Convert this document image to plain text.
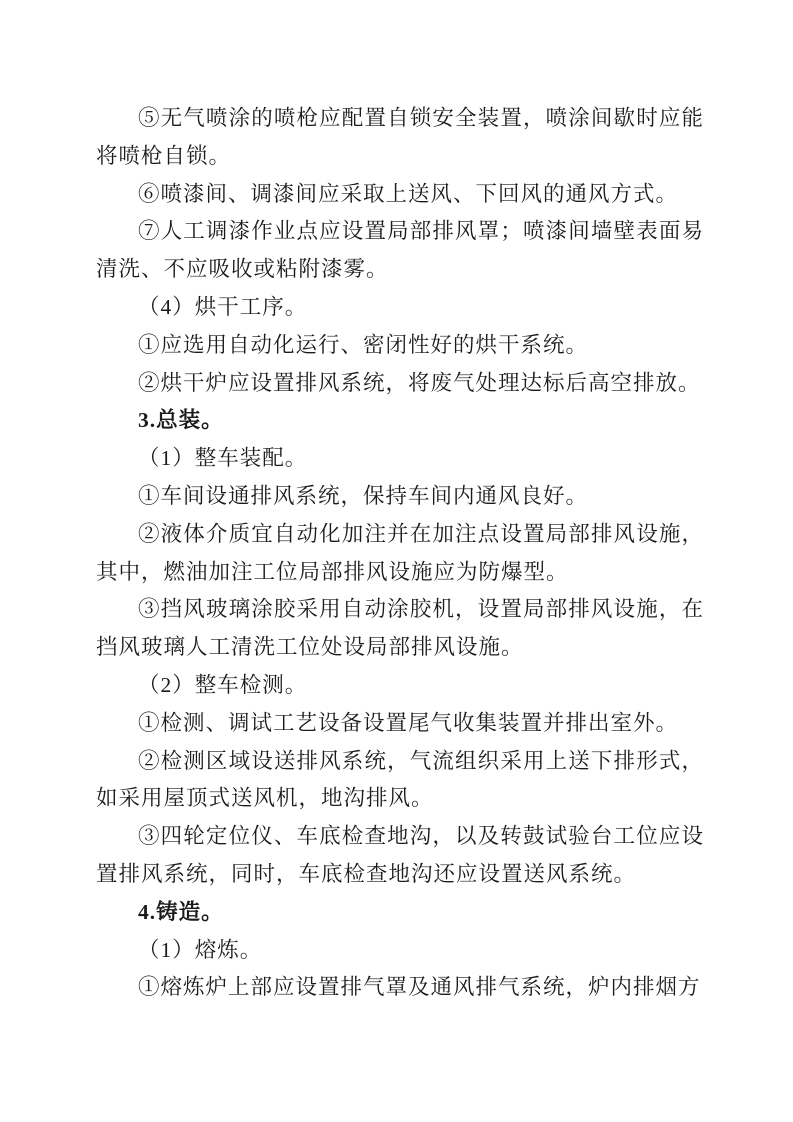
⑤无气喷涂的喷枪应配置自锁安全装置，喷涂间歇时应能将喷枪自锁。

⑥喷漆间、调漆间应采取上送风、下回风的通风方式。

⑦人工调漆作业点应设置局部排风罩；喷漆间墙壁表面易清洗、不应吸收或粘附漆雾。

（4）烘干工序。

①应选用自动化运行、密闭性好的烘干系统。

②烘干炉应设置排风系统，将废气处理达标后高空排放。

3.总装。

（1）整车装配。

①车间设通排风系统，保持车间内通风良好。

②液体介质宜自动化加注并在加注点设置局部排风设施，其中，燃油加注工位局部排风设施应为防爆型。

③挡风玻璃涂胶采用自动涂胶机，设置局部排风设施，在挡风玻璃人工清洗工位处设局部排风设施。

（2）整车检测。

①检测、调试工艺设备设置尾气收集装置并排出室外。

②检测区域设送排风系统，气流组织采用上送下排形式，如采用屋顶式送风机，地沟排风。

③四轮定位仪、车底检查地沟，以及转鼓试验台工位应设置排风系统，同时，车底检查地沟还应设置送风系统。

4.铸造。

（1）熔炼。

①熔炼炉上部应设置排气罩及通风排气系统，炉内排烟方
